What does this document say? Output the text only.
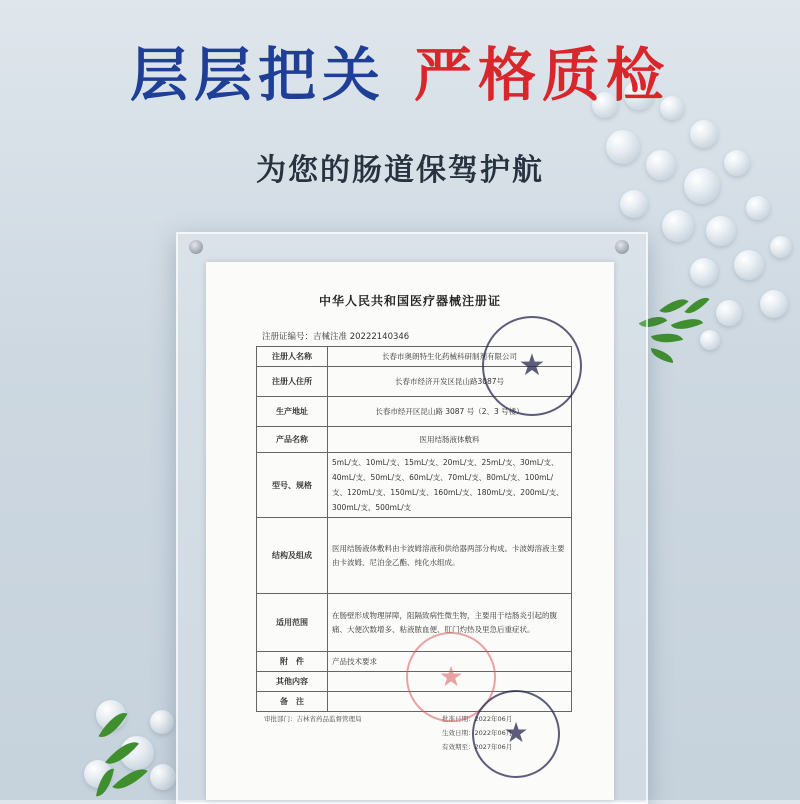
层层把关 严格质检
为您的肠道保驾护航
中华人民共和国医疗器械注册证
注册证编号：吉械注准 20222140346
注册人名称	长春市奥朗特生化药械科研制剂有限公司
注册人住所	长春市经济开发区昆山路3087号
生产地址	长春市经开区昆山路 3087 号（2、3 号楼）
产品名称	医用结肠液体敷料
型号、规格	5mL/支、10mL/支、15mL/支、20mL/支、25mL/支、30mL/支、40mL/支、50mL/支、60mL/支、70mL/支、80mL/支、100mL/支、120mL/支、150mL/支、160mL/支、180mL/支、200mL/支、300mL/支、500mL/支
结构及组成	医用结肠液体敷料由卡波姆溶液和供给器两部分构成。卡波姆溶液主要由卡波姆、尼泊金乙酯、纯化水组成。
适用范围	在肠壁形成物理屏障，阻隔致病性微生物，主要用于结肠炎引起的腹痛、大便次数增多、粘液脓血便、肛门灼热及里急后重症状。
附　件	产品技术要求
其他内容	
备　注	
审批部门：吉林省药品监督管理局	批准日期：2022年06月
生效日期：2022年06月
有效期至：2027年06月
★
★
★
